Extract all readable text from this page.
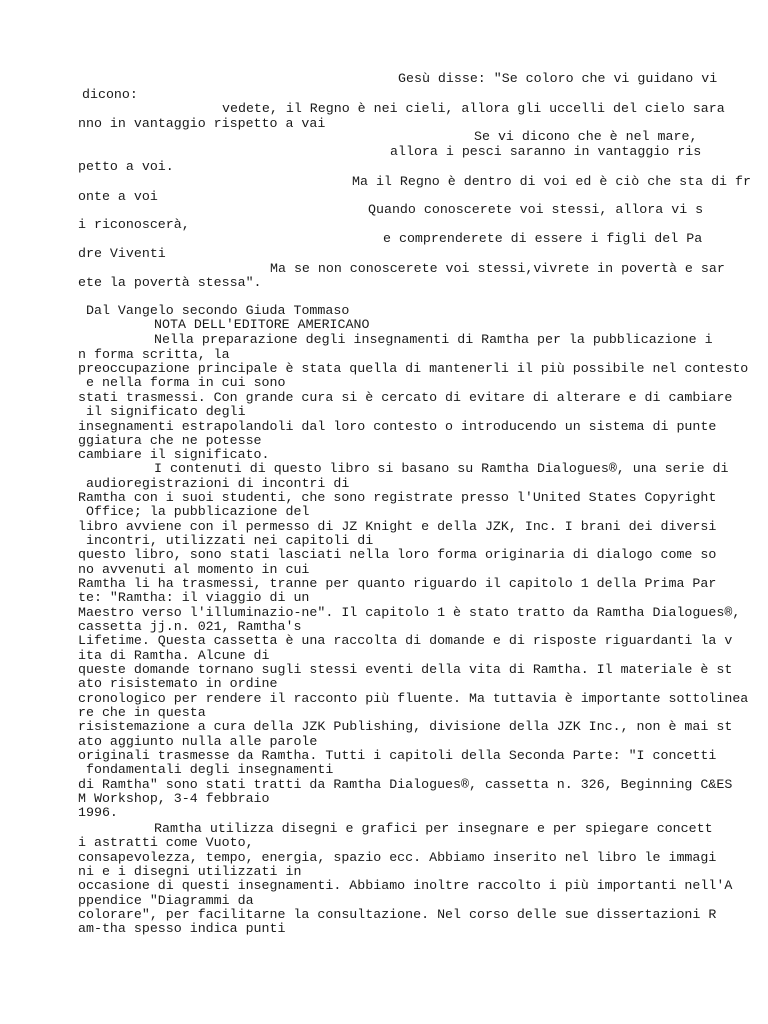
Gesù disse: "Se coloro che vi guidano vi
dicono:
vedete, il Regno è nei cieli, allora gli uccelli del cielo sara
nno in vantaggio rispetto a vai
Se vi dicono che è nel mare,
allora i pesci saranno in vantaggio ris
petto a voi.
Ma il Regno è dentro di voi ed è ciò che sta di fr
onte a voi
Quando conoscerete voi stessi, allora vi s
i riconoscerà,
e comprenderete di essere i figli del Pa
dre Viventi
Ma se non conoscerete voi stessi,vivrete in povertà e sar
ete la povertà stessa".
Dal Vangelo secondo Giuda Tommaso
NOTA DELL'EDITORE AMERICANO
Nella preparazione degli insegnamenti di Ramtha per la pubblicazione i
n forma scritta, la
preoccupazione principale è stata quella di mantenerli il più possibile nel contesto
e nella forma in cui sono
stati trasmessi. Con grande cura si è cercato di evitare di alterare e di cambiare
il significato degli
insegnamenti estrapolandoli dal loro contesto o introducendo un sistema di punte
ggiatura che ne potesse
cambiare il significato.
I contenuti di questo libro si basano su Ramtha Dialogues®, una serie di
audioregistrazioni di incontri di
Ramtha con i suoi studenti, che sono registrate presso l'United States Copyright
Office; la pubblicazione del
libro avviene con il permesso di JZ Knight e della JZK, Inc. I brani dei diversi
incontri, utilizzati nei capitoli di
questo libro, sono stati lasciati nella loro forma originaria di dialogo come so
no avvenuti al momento in cui
Ramtha li ha trasmessi, tranne per quanto riguardo il capitolo 1 della Prima Par
te: "Ramtha: il viaggio di un
Maestro verso l'illuminazio-ne". Il capitolo 1 è stato tratto da Ramtha Dialogues®,
cassetta jj.n. 021, Ramtha's
Lifetime. Questa cassetta è una raccolta di domande e di risposte riguardanti la v
ita di Ramtha. Alcune di
queste domande tornano sugli stessi eventi della vita di Ramtha. Il materiale è st
ato risistemato in ordine
cronologico per rendere il racconto più fluente. Ma tuttavia è importante sottolinea
re che in questa
risistemazione a cura della JZK Publishing, divisione della JZK Inc., non è mai st
ato aggiunto nulla alle parole
originali trasmesse da Ramtha. Tutti i capitoli della Seconda Parte: "I concetti
fondamentali degli insegnamenti
di Ramtha" sono stati tratti da Ramtha Dialogues®, cassetta n. 326, Beginning C&ES
M Workshop, 3-4 febbraio
1996.
Ramtha utilizza disegni e grafici per insegnare e per spiegare concett
i astratti come Vuoto,
consapevolezza, tempo, energia, spazio ecc. Abbiamo inserito nel libro le immagi
ni e i disegni utilizzati in
occasione di questi insegnamenti. Abbiamo inoltre raccolto i più importanti nell'A
ppendice "Diagrammi da
colorare", per facilitarne la consultazione. Nel corso delle sue dissertazioni R
am-tha spesso indica punti
